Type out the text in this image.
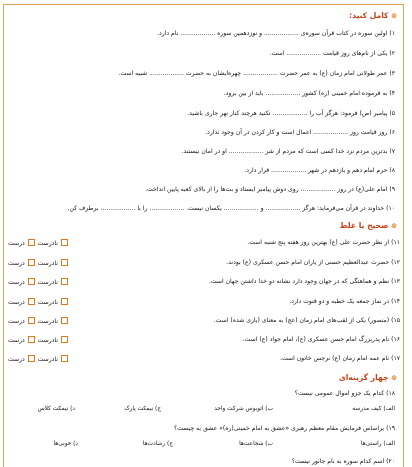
⊚ کامل کنید:
۱) اولین سوره در کتاب قرآن سوره‌ی .................. و نوزدهمین سوره .................. نام دارد.
۲) یکی از نام‌های روز قیامت .................. است.
۳) عمر طولانی امام زمان (ع) به عمر حضرت .................. چهره‌ایشان به حضرت .................. شبیه است.
۴) به فرموده امام خمینی (ره) کشور .................. باید از بین برود.
۵) پیامبر (ص) فرمود: هرگز آب را .................. نکنید هرچند کنار نهر جاری باشید.
۶) روز قیامت روز .................. اعمال است و کار کردن در آن وجود ندارد.
۷) بدترین مردم نزد خدا کسی است که مردم از شر .................. او در امان نیستند.
۸) حرم امام دهم و یازدهم در شهر .................. قرار دارد.
۹) امام علی(ع) در روز .................. روی دوش پیامبر ایستاد و بت‌ها را از بالای کعبه پایین انداخت.
۱۰) خداوند در قرآن می‌فرماید: هرگز .................. و .................. یکسان نیست. .................. را با .................. برطرف کن.
⊚ صحیح یا غلط
۱۱) از نظر حضرت علی (ع) بهترین روز هفته پنج شنبه است.
نادرست  درست
۱۲) حضرت عبدالعظیم حسنی از یاران امام حسن عسکری (ع) بودند.
نادرست  درست
۱۳) نظم و هماهنگی که در جهان وجود دارد نشانه دو خدا داشتن جهان است.
نادرست  درست
۱۴) در نماز جمعه یک خطبه و دو قنوت دارد.
نادرست  درست
۱۵) (منصور) یکی از لقب‌های امام زمان (عج) به معنای (یاری شده) است.
نادرست  درست
۱۶) نام پدربزرگ امام حسن عسکری (ع)، امام جواد (ع) است.
نادرست  درست
۱۷) نام عمه امام زمان (ع) نرجس خاتون است.
نادرست  درست
⊚ چهار گزینه‌ای
۱۸) کدام یک جزو اموال عمومی نیست؟
الف) کیف مدرسه
ب) اتوبوس شرکت واحد
ج) نیمکت پارک
د) نیمکت کلاس
۱۹) براساس فرمایش مقام معظم رهبری «عشق به امام خمینی(ره)» عشق به چیست؟
الف) راستی‌ها
ب) شجاعت‌ها
ج) رشادت‌ها
د) خوبی‌ها
۲۰) اسم کدام سوره به نام جانور نیست؟
